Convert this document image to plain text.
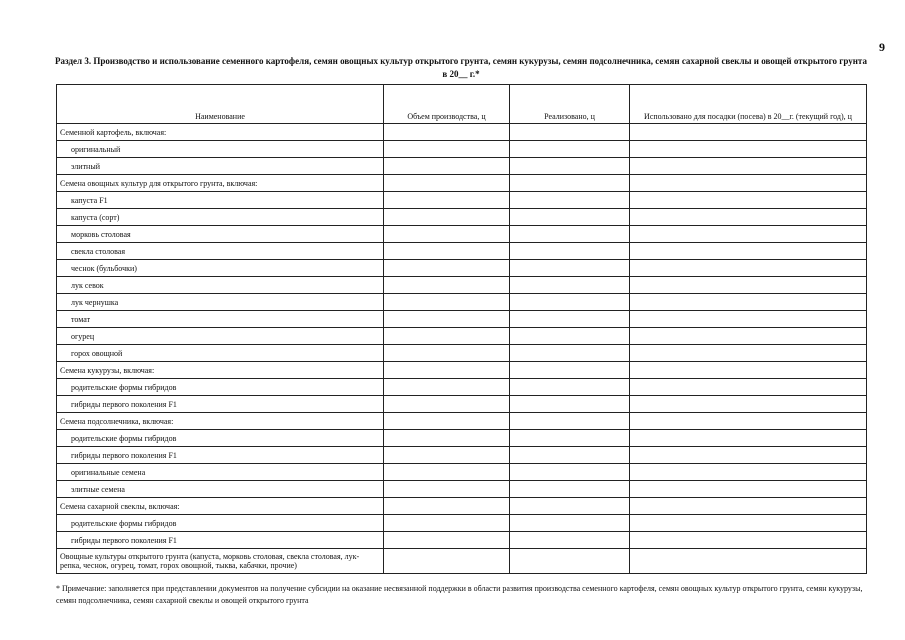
9
Раздел 3. Производство и использование семенного картофеля, семян овощных культур открытого грунта, семян кукурузы, семян подсолнечника, семян сахарной свеклы и овощей открытого грунта
в 20__ г.*
Наименование	Объем производства, ц	Реализовано, ц	Использовано для посадки (посева) в 20__г. (текущий год), ц
Семенной картофель, включая:			
оригинальный			
элитный			
Семена овощных культур для открытого грунта, включая:			
капуста F1			
капуста (сорт)			
морковь столовая			
свекла столовая			
чеснок (бульбочки)			
лук севок			
лук чернушка			
томат			
огурец			
горох овощной			
Семена кукурузы, включая:			
родительские формы гибридов			
гибриды первого поколения F1			
Семена подсолнечника, включая:			
родительские формы гибридов			
гибриды первого поколения F1			
оригинальные семена			
элитные семена			
Семена сахарной свеклы, включая:			
родительские формы гибридов			
гибриды первого поколения F1			
Овощные культуры открытого грунта (капуста, морковь столовая, свекла столовая, лук-репка, чеснок, огурец, томат, горох овощной, тыква, кабачки, прочие)			
* Примечание: заполняется при представлении документов на получение субсидии на оказание несвязанной поддержки в области развития производства семенного картофеля, семян овощных культур открытого грунта, семян кукурузы, семян подсолнечника, семян сахарной свеклы и овощей открытого грунта
